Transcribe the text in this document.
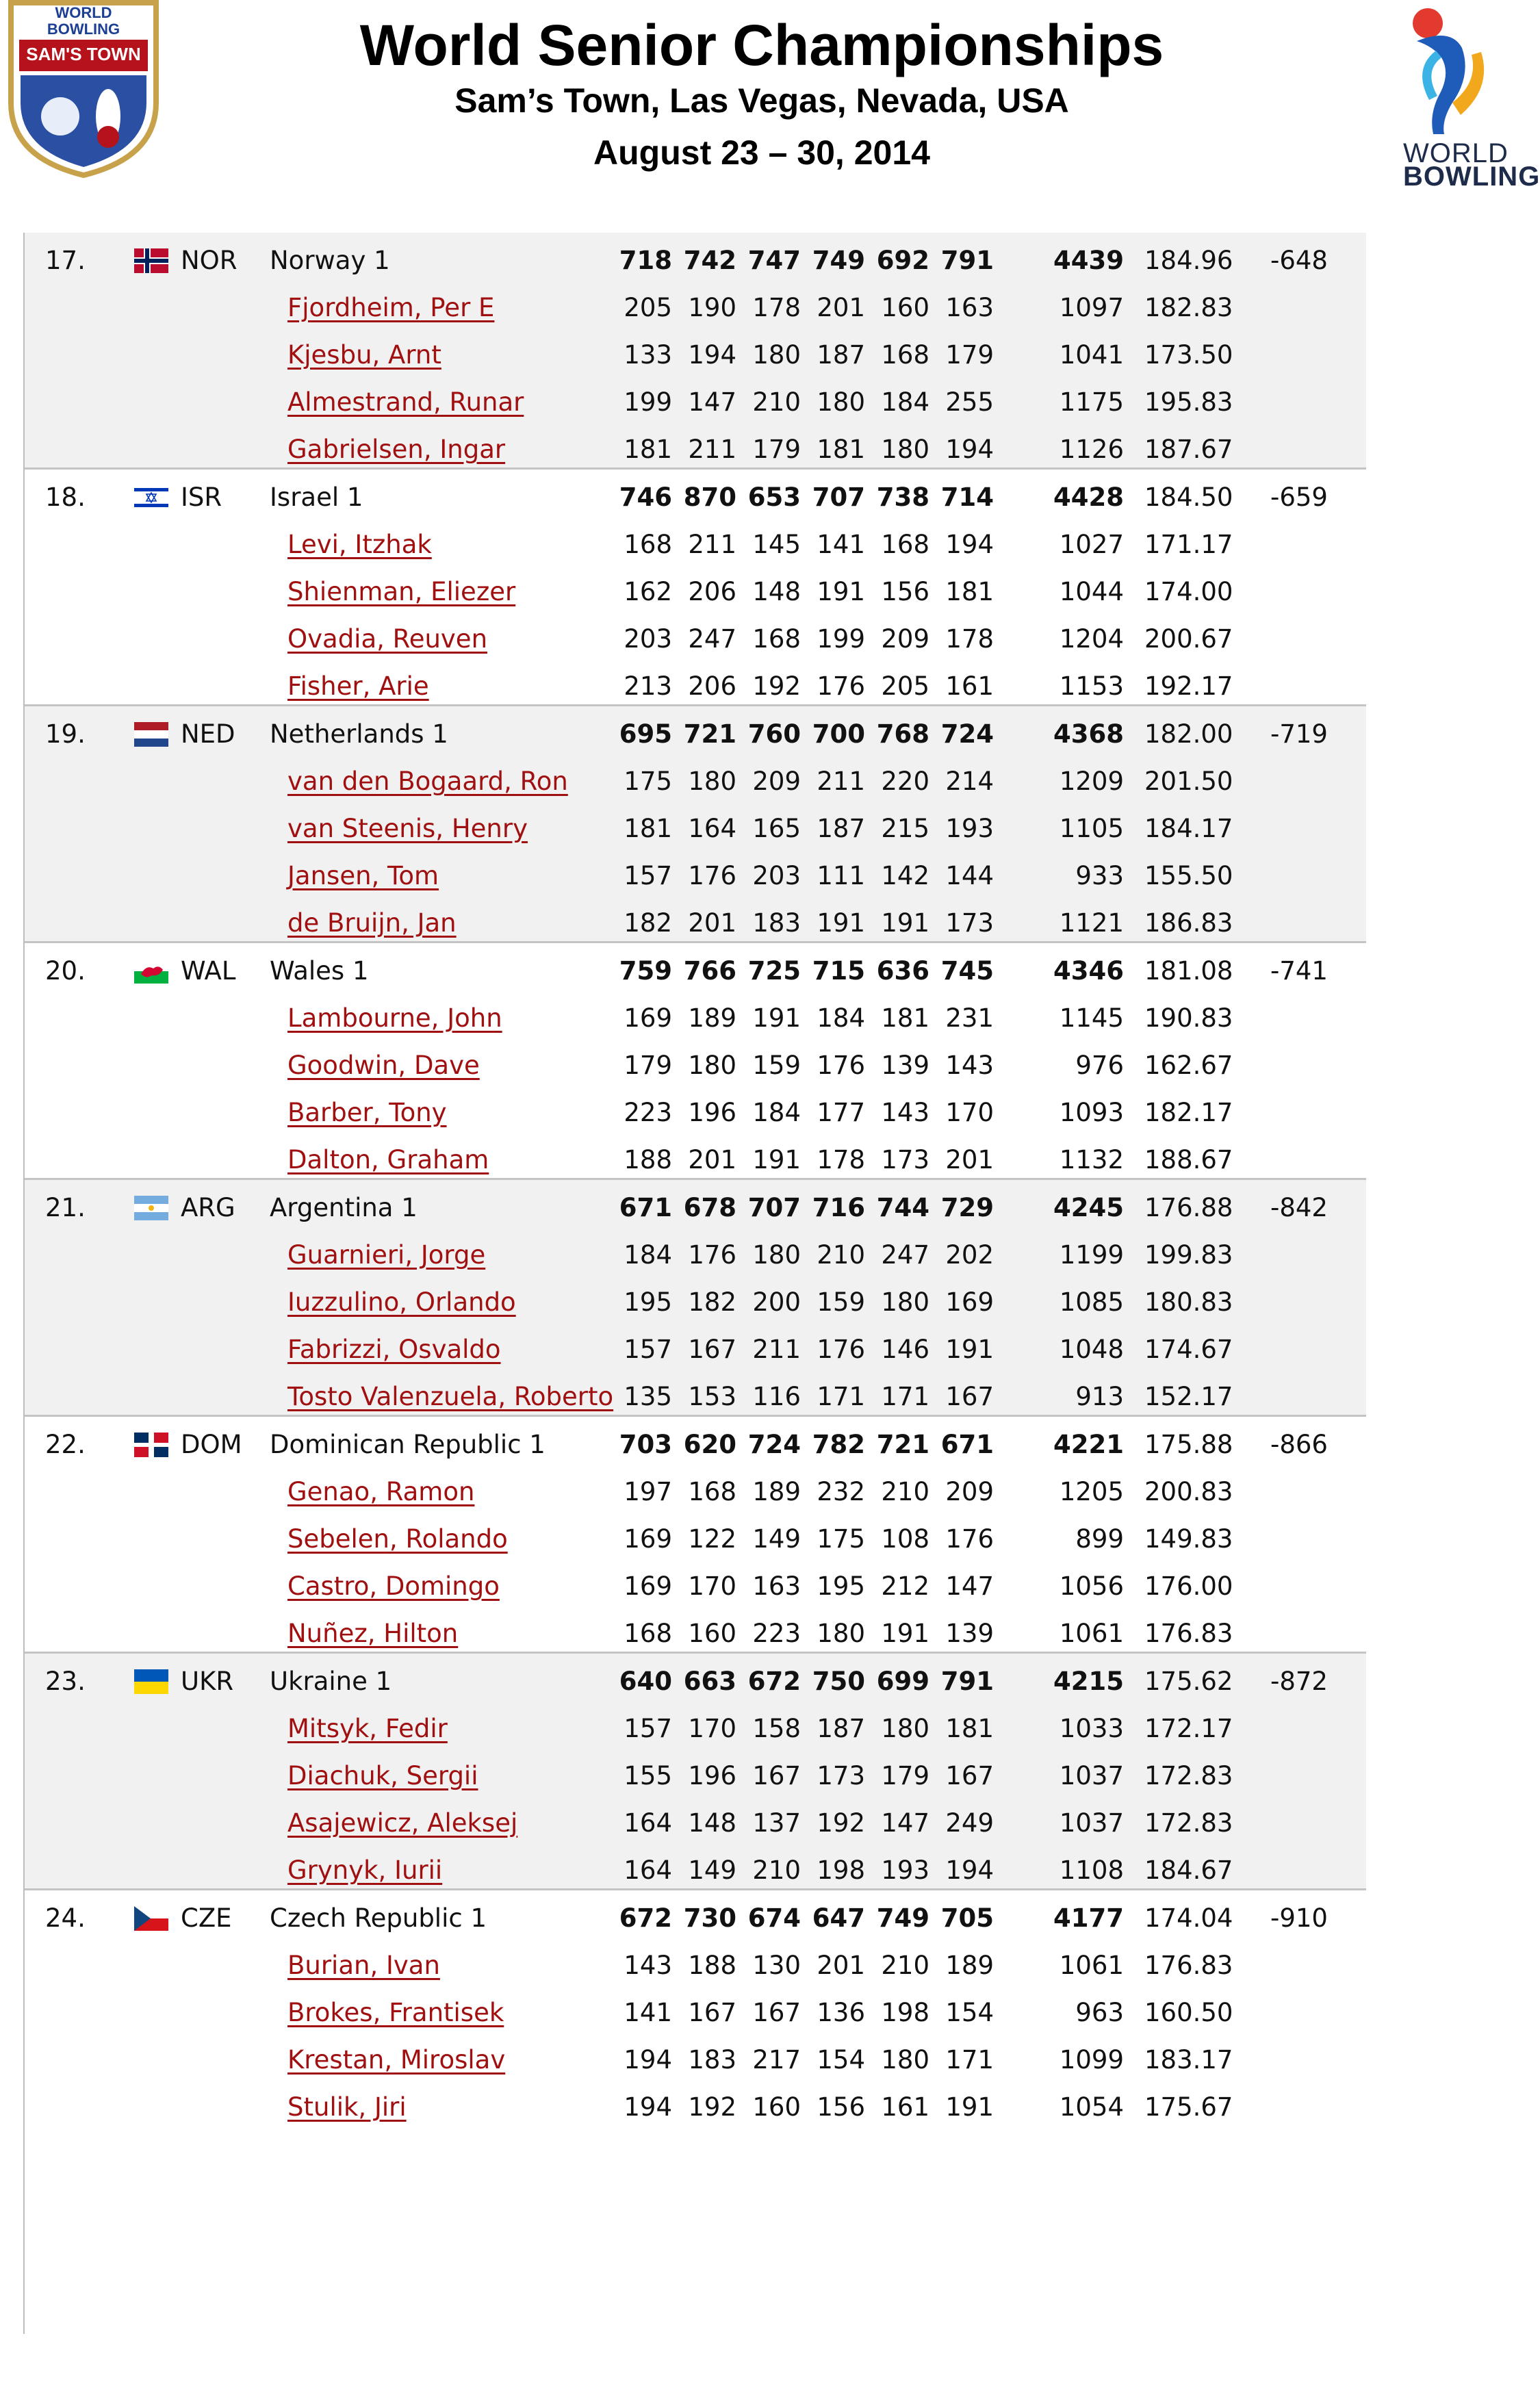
WORLD
BOWLING
SAM'S TOWN	World Senior Championships
Sam’s Town, Las Vegas, Nevada, USA
August 23 – 30, 2014	WORLD
BOWLING
17.	NOR Norway 1	718 742 747 749 692 791	4439 184.96	-648
Fjordheim, Per E	205 190 178 201 160 163	1097 182.83
Kjesbu, Arnt	133 194 180 187 168 179	1041 173.50
Almestrand, Runar	199 147 210 180 184 255	1175 195.83
Gabrielsen, Ingar	181 211 179 181 180 194	1126 187.67
18.	ISR Israel 1	746 870 653 707 738 714	4428 184.50	-659
Levi, Itzhak	168 211 145 141 168 194	1027 171.17
Shienman, Eliezer	162 206 148 191 156 181	1044 174.00
Ovadia, Reuven	203 247 168 199 209 178	1204 200.67
Fisher, Arie	213 206 192 176 205 161	1153 192.17
19.	NED Netherlands 1	695 721 760 700 768 724	4368 182.00	-719
van den Bogaard, Ron	175 180 209 211 220 214	1209 201.50
van Steenis, Henry	181 164 165 187 215 193	1105 184.17
Jansen, Tom	157 176 203 111 142 144	933 155.50
de Bruijn, Jan	182 201 183 191 191 173	1121 186.83
20.	WAL Wales 1	759 766 725 715 636 745	4346 181.08	-741
Lambourne, John	169 189 191 184 181 231	1145 190.83
Goodwin, Dave	179 180 159 176 139 143	976 162.67
Barber, Tony	223 196 184 177 143 170	1093 182.17
Dalton, Graham	188 201 191 178 173 201	1132 188.67
21.	ARG Argentina 1	671 678 707 716 744 729	4245 176.88	-842
Guarnieri, Jorge	184 176 180 210 247 202	1199 199.83
Iuzzulino, Orlando	195 182 200 159 180 169	1085 180.83
Fabrizzi, Osvaldo	157 167 211 176 146 191	1048 174.67
Tosto Valenzuela, Roberto 135 153 116 171 171 167	913 152.17
22.	DOM Dominican Republic 1	703 620 724 782 721 671	4221 175.88	-866
Genao, Ramon	197 168 189 232 210 209	1205 200.83
Sebelen, Rolando	169 122 149 175 108 176	899 149.83
Castro, Domingo	169 170 163 195 212 147	1056 176.00
Nuñez, Hilton	168 160 223 180 191 139	1061 176.83
23.	UKR Ukraine 1	640 663 672 750 699 791	4215 175.62	-872
Mitsyk, Fedir	157 170 158 187 180 181	1033 172.17
Diachuk, Sergii	155 196 167 173 179 167	1037 172.83
Asajewicz, Aleksej	164 148 137 192 147 249	1037 172.83
Grynyk, Iurii	164 149 210 198 193 194	1108 184.67
24.	CZE Czech Republic 1	672 730 674 647 749 705	4177 174.04	-910
Burian, Ivan	143 188 130 201 210 189	1061 176.83
Brokes, Frantisek	141 167 167 136 198 154	963 160.50
Krestan, Miroslav	194 183 217 154 180 171	1099 183.17
Stulik, Jiri	194 192 160 156 161 191	1054 175.67
